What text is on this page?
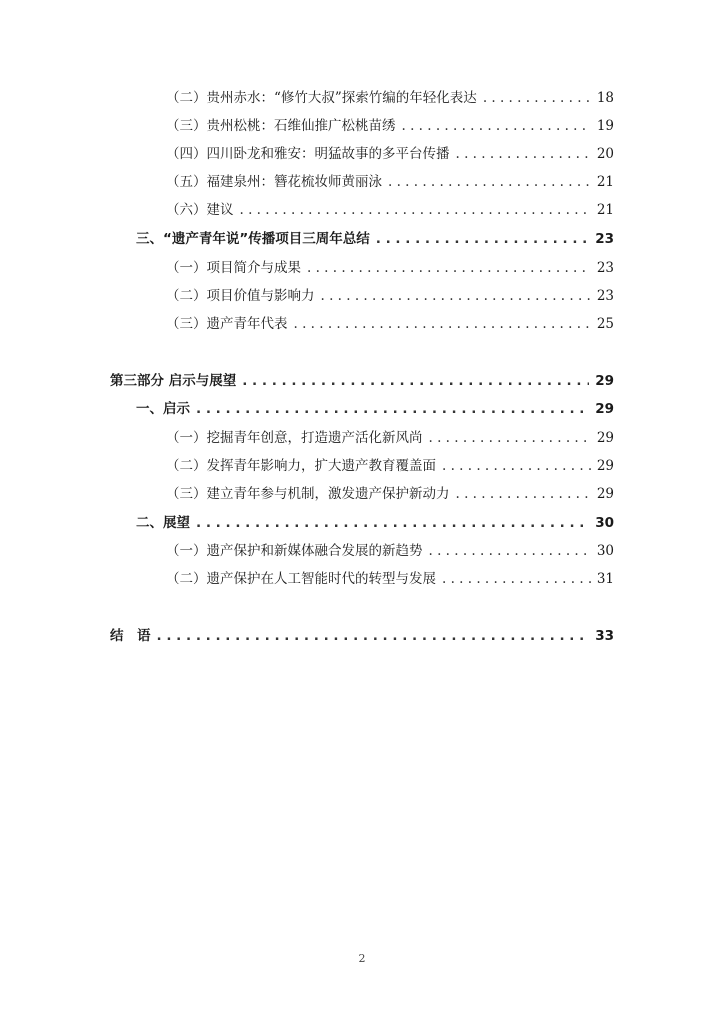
（二）贵州赤水：“修竹大叔”探索竹编的年轻化表达 . . .	18
（三）贵州松桃：石维仙推广松桃苗绣 . . .	19
（四）四川卧龙和雅安：明猛故事的多平台传播 . . .	20
（五）福建泉州：簪花梳妆师黄丽泳 . . .	21
（六）建议 . . .	21
三、“遗产青年说”传播项目三周年总结 . . .	23
（一）项目简介与成果 . . .	23
（二）项目价值与影响力 . . .	23
（三）遗产青年代表 . . .	25
第三部分 启示与展望 . . .	29
一、启示 . . .	29
（一）挖掘青年创意，打造遗产活化新风尚 . . .	29
（二）发挥青年影响力，扩大遗产教育覆盖面 . . .	29
（三）建立青年参与机制，激发遗产保护新动力 . . .	29
二、展望 . . .	30
（一）遗产保护和新媒体融合发展的新趋势 . . .	30
（二）遗产保护在人工智能时代的转型与发展 . . .	31
结　语 . . .	33
2
